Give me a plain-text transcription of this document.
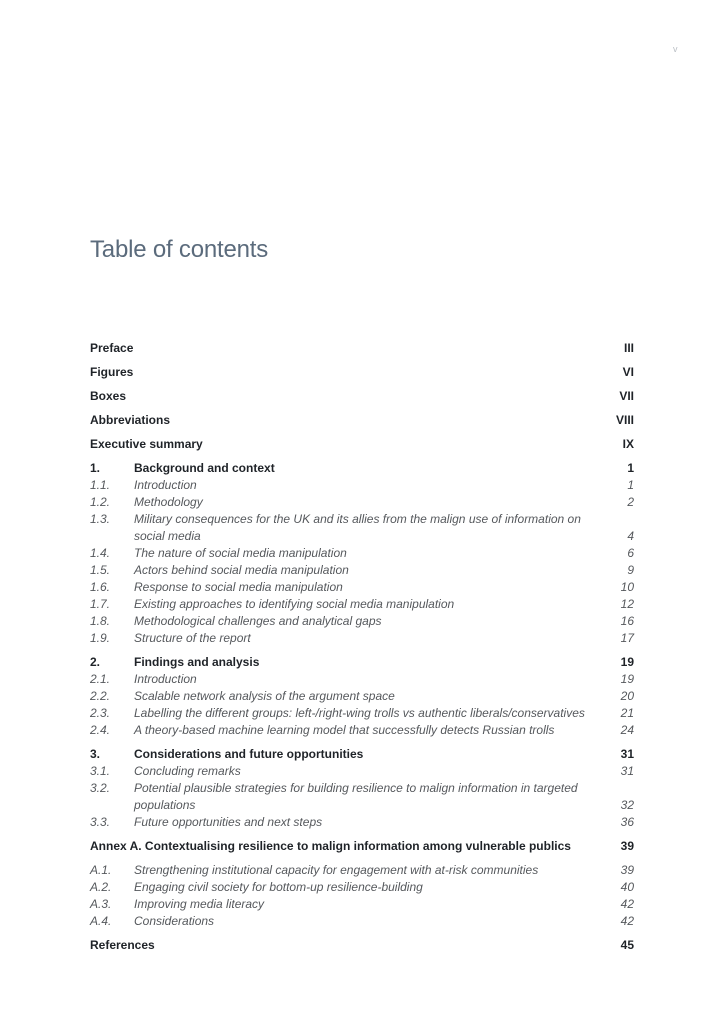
v
Table of contents
Preface	III
Figures	VI
Boxes	VII
Abbreviations	VIII
Executive summary	IX
1.	Background and context	1
1.1. Introduction	1
1.2. Methodology	2
1.3. Military consequences for the UK and its allies from the malign use of information on social media	4
1.4. The nature of social media manipulation	6
1.5. Actors behind social media manipulation	9
1.6. Response to social media manipulation	10
1.7. Existing approaches to identifying social media manipulation	12
1.8. Methodological challenges and analytical gaps	16
1.9. Structure of the report	17
2.	Findings and analysis	19
2.1. Introduction	19
2.2. Scalable network analysis of the argument space	20
2.3. Labelling the different groups: left-/right-wing trolls vs authentic liberals/conservatives	21
2.4. A theory-based machine learning model that successfully detects Russian trolls	24
3.	Considerations and future opportunities	31
3.1. Concluding remarks	31
3.2. Potential plausible strategies for building resilience to malign information in targeted populations	32
3.3. Future opportunities and next steps	36
Annex A. Contextualising resilience to malign information among vulnerable publics	39
A.1. Strengthening institutional capacity for engagement with at-risk communities	39
A.2. Engaging civil society for bottom-up resilience-building	40
A.3. Improving media literacy	42
A.4. Considerations	42
References	45
